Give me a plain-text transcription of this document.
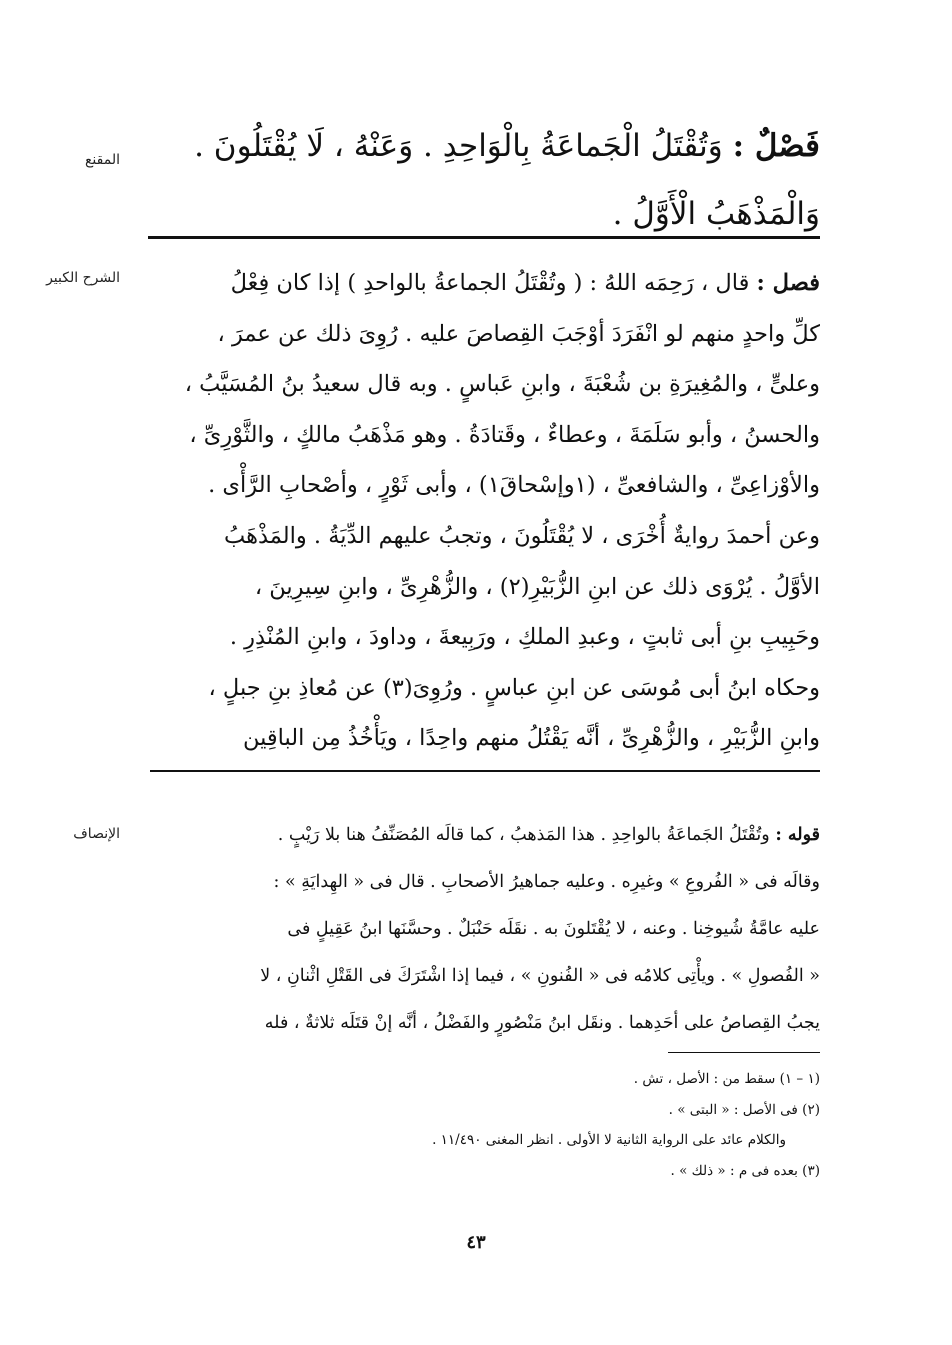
المقنع	فَصْلٌ : وَتُقْتَلُ الْجَماعَةُ بِالْوَاحِدِ . وَعَنْهُ ، لَا يُقْتَلُونَ .
وَالْمَذْهَبُ الْأَوَّلُ .
الشرح الكبير	فصل : قال ، رَحِمَه اللهُ : ( وتُقْتَلُ الجماعةُ بالواحدِ ) إذا كان فِعْلُ
كلِّ واحدٍ منهم لو انْفَرَدَ أوْجَبَ القِصاصَ عليه . رُوِىَ ذلك عن عمرَ ،
وعلىٍّ ، والمُغِيرَةِ بن شُعْبَةَ ، وابنِ عَباسٍ . وبه قال سعيدُ بنُ المُسَيَّبُ ،
والحسنُ ، وأبو سَلَمَةَ ، وعطاءٌ ، وقَتادَةُ . وهو مَذْهَبُ مالكٍ ، والثَّوْرِىِّ ،
والأوْزاعِىِّ ، والشافعىِّ ، (١وإسْحاقَ١) ، وأبى ثَوْرٍ ، وأصْحابِ الرَّأْى .
وعن أحمدَ روايةٌ أُخْرَى ، لا يُقْتَلُونَ ، وتجبُ عليهم الدِّيَةُ . والمَذْهَبُ
الأوَّلُ . يُرْوَى ذلك عن ابنِ الزُّبَيْرِ(٢) ، والزُّهْرِىِّ ، وابنِ سِيرِينَ ،
وحَبِيبِ بنِ أبى ثابتٍ ، وعبدِ الملكِ ، ورَبِيعةَ ، وداودَ ، وابنِ المُنْذِرِ .
وحكاه ابنُ أبى مُوسَى عن ابنِ عباسٍ . ورُوِىَ(٣) عن مُعاذِ بنِ جبلٍ ،
وابنِ الزُّبَيْرِ ، والزُّهْرِىِّ ، أنَّه يَقْتُلُ منهم واحِدًا ، ويَأْخُذُ مِن الباقِين
الإنصاف	قوله : وتُقْتَلُ الجَماعَةُ بالواحِدِ . هذا المَذهبُ ، كما قالَه المُصَنِّفُ هنا بلا رَيْبٍ .
وقالَه فى « الفُروعِ » وغيرِه . وعليه جماهيرُ الأصحابِ . قال فى « الهِدايَةِ » :
عليه عامَّةُ شُيوخِنا . وعنه ، لا يُقْتَلونَ به . نقَلَه حَنْبَلٌ . وحسَّنَها ابنُ عَقِيلٍ فى
« الفُصولِ » . ويأْتِى كلامُه فى « الفُنونِ » ، فيما إذا اشْتَرَكَ فى القَتْلِ اثْنانِ ، لا
يجبُ القِصاصُ على أحَدِهما . ونقَل ابنُ مَنْصُورٍ والفَضْلُ ، أنَّه إنْ قتَلَه ثلاثةٌ ، فله
(١ – ١) سقط من : الأصل ، تش .
(٢) فى الأصل : « البتى » .
والكلام عائد على الرواية الثانية لا الأولى . انظر المغنى ١١/٤٩٠ .
(٣) بعده فى م : « ذلك » .
٤٣
